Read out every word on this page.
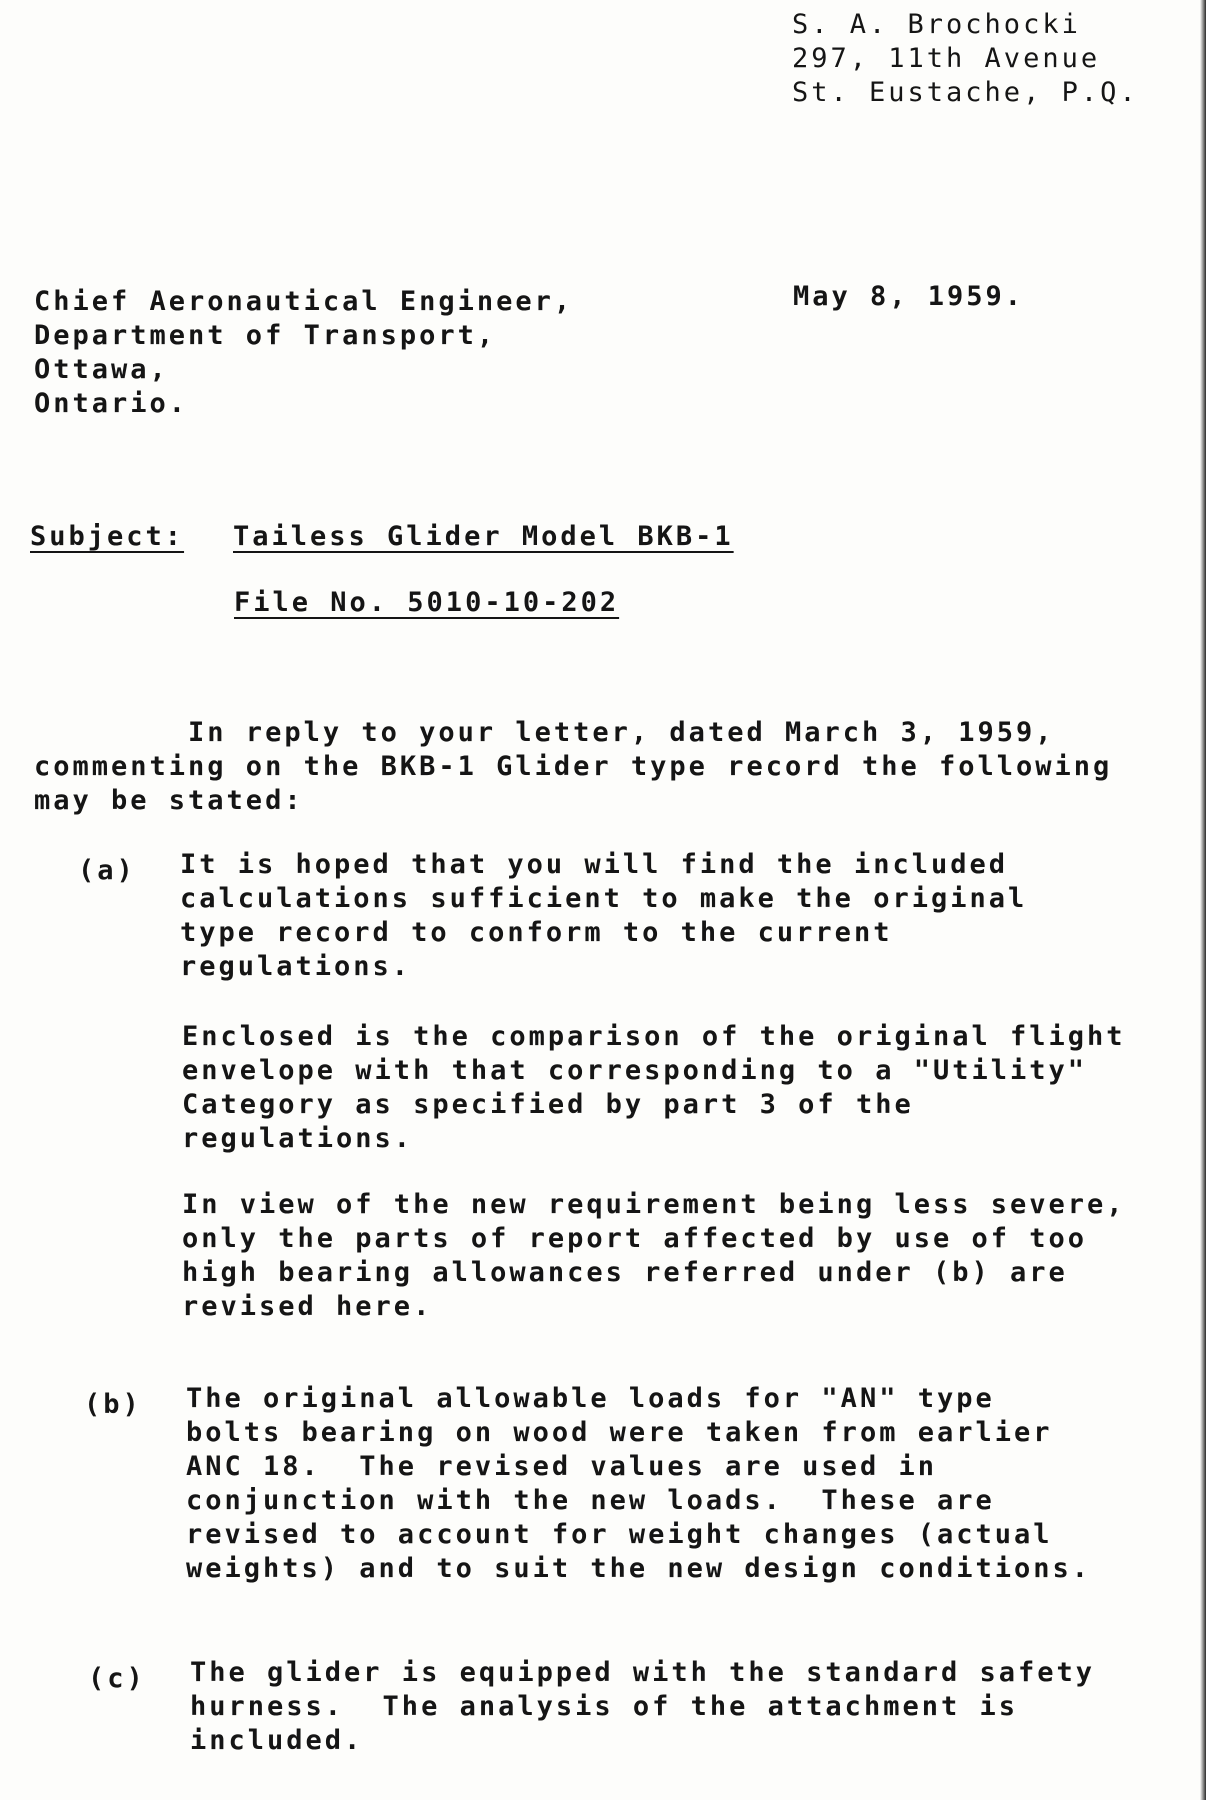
S. A. Brochocki
297, 11th Avenue
St. Eustache, P.Q.
May 8, 1959.
Chief Aeronautical Engineer,
Department of Transport,
Ottawa,
Ontario.
Subject: Tailess Glider Model BKB-1
File No. 5010-10-202
In reply to your letter, dated March 3, 1959,
commenting on the BKB-1 Glider type record the following
may be stated:
(a) It is hoped that you will find the included
calculations sufficient to make the original
type record to conform to the current
regulations.
Enclosed is the comparison of the original flight
envelope with that corresponding to a "Utility"
Category as specified by part 3 of the
regulations.
In view of the new requirement being less severe,
only the parts of report affected by use of too
high bearing allowances referred under (b) are
revised here.
(b) The original allowable loads for "AN" type
bolts bearing on wood were taken from earlier
ANC 18.  The revised values are used in
conjunction with the new loads.  These are
revised to account for weight changes (actual
weights) and to suit the new design conditions.
(c) The glider is equipped with the standard safety
hurness.  The analysis of the attachment is
included.
